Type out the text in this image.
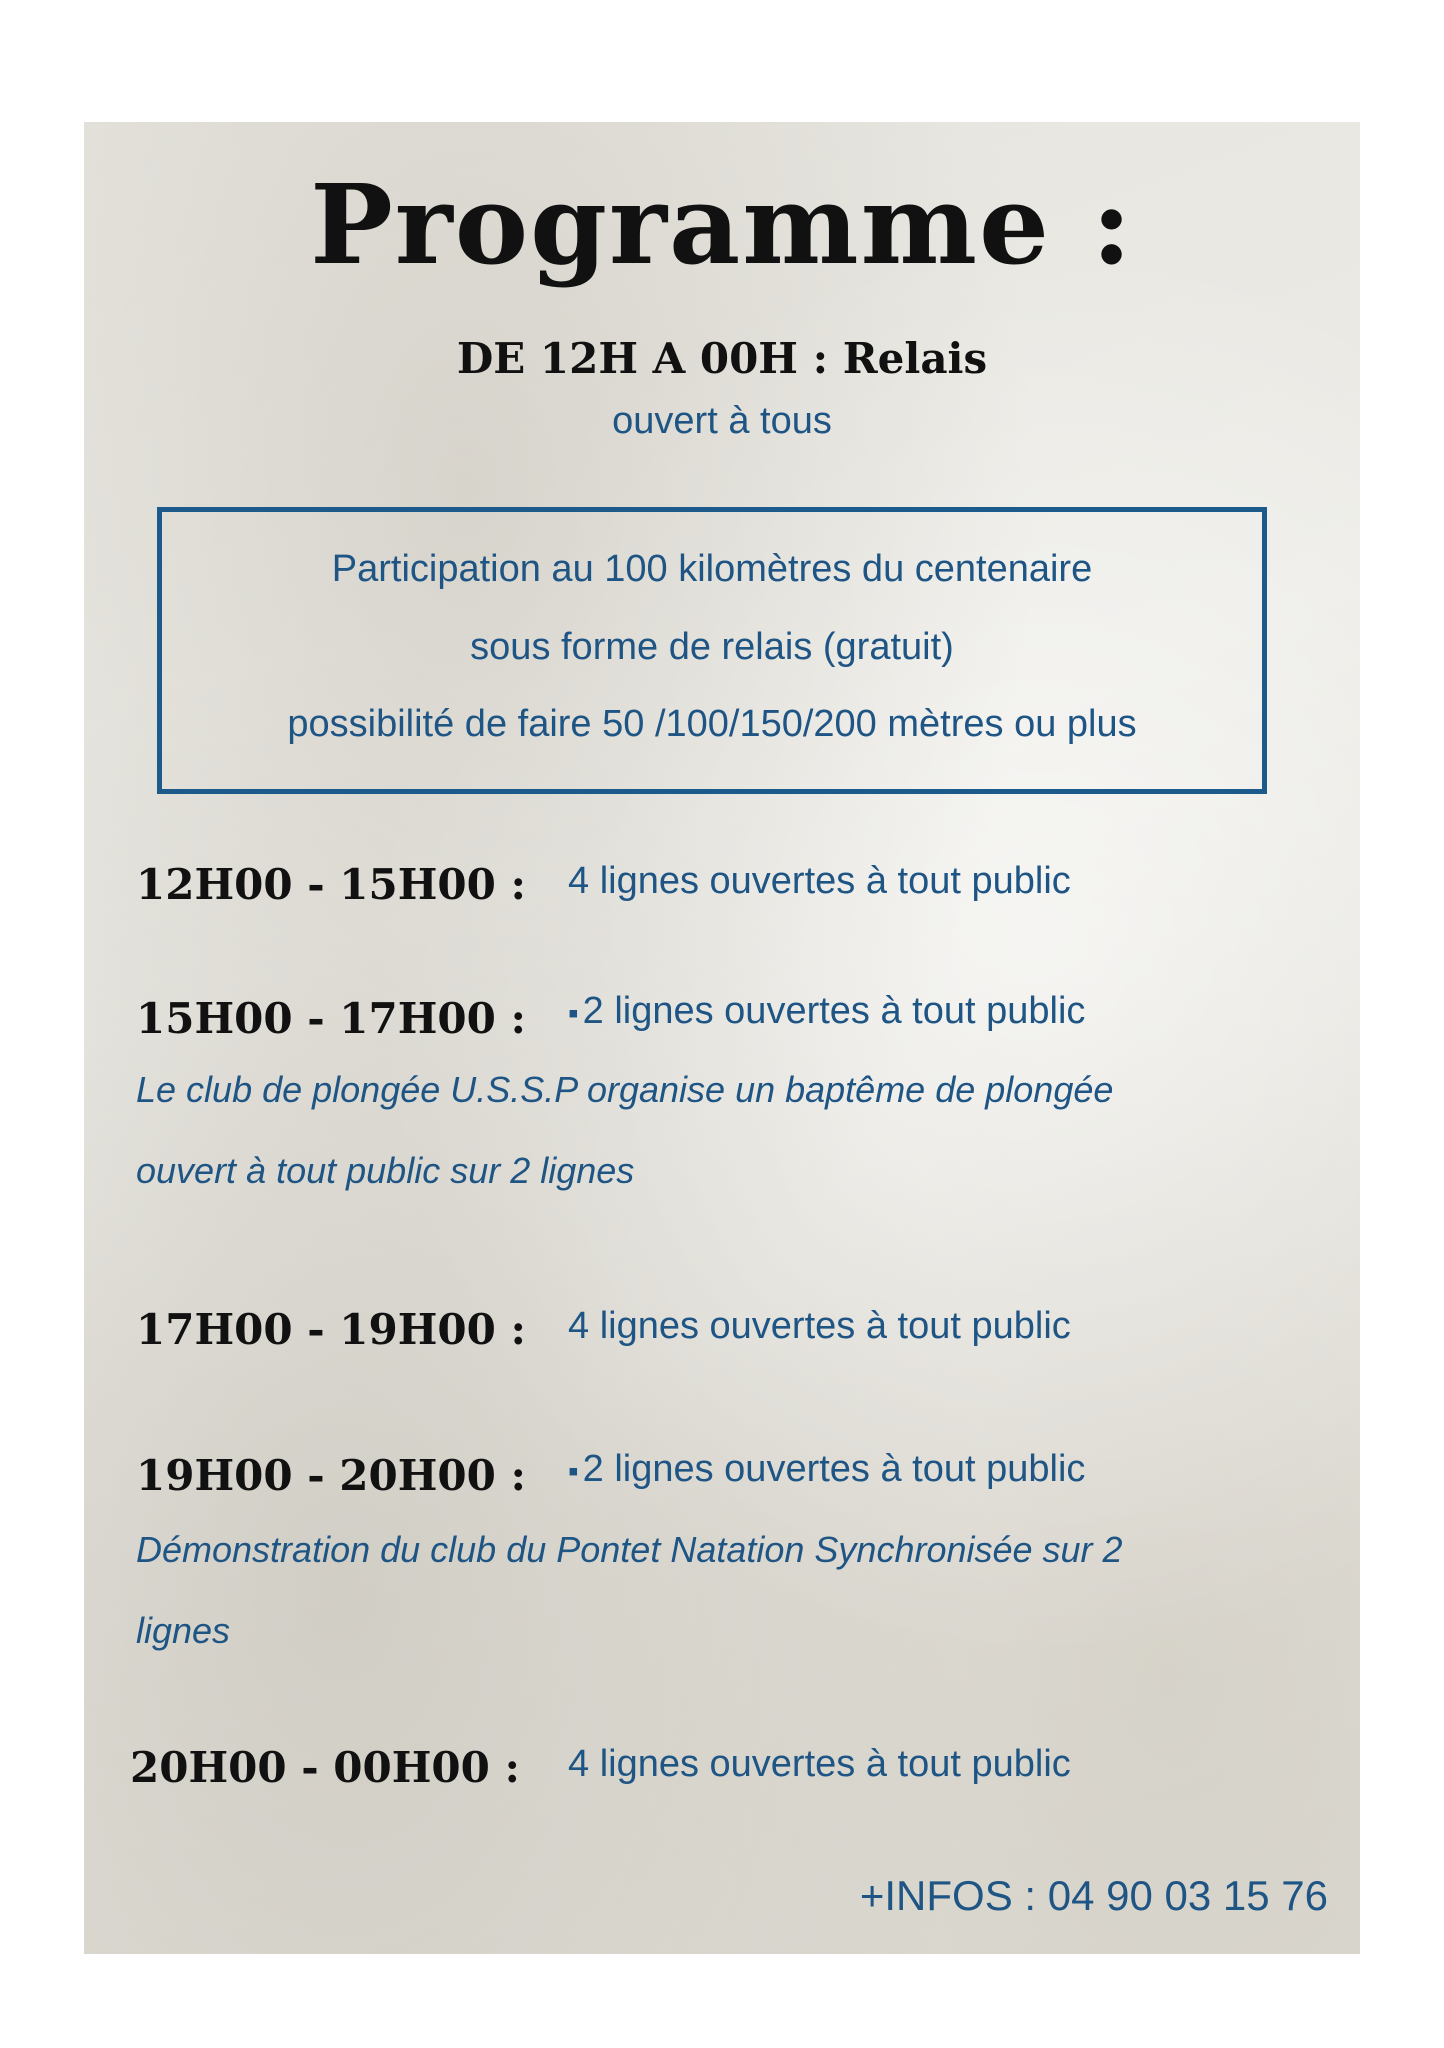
Programme :
DE 12H A 00H : Relais
ouvert à tous
Participation au 100 kilomètres du centenaire
sous forme de relais (gratuit)
possibilité de faire 50 /100/150/200 mètres ou plus
12H00 - 15H00 : 4 lignes ouvertes à tout public
15H00 - 17H00 : ▪ 2 lignes ouvertes à tout public
Le club de plongée U.S.S.P organise un baptême de plongée
ouvert à tout public sur 2 lignes
17H00 - 19H00 : 4 lignes ouvertes à tout public
19H00 - 20H00 : ▪ 2 lignes ouvertes à tout public
Démonstration du club du Pontet Natation Synchronisée sur 2
lignes
20H00 - 00H00 : 4 lignes ouvertes à tout public
+INFOS : 04 90 03 15 76
